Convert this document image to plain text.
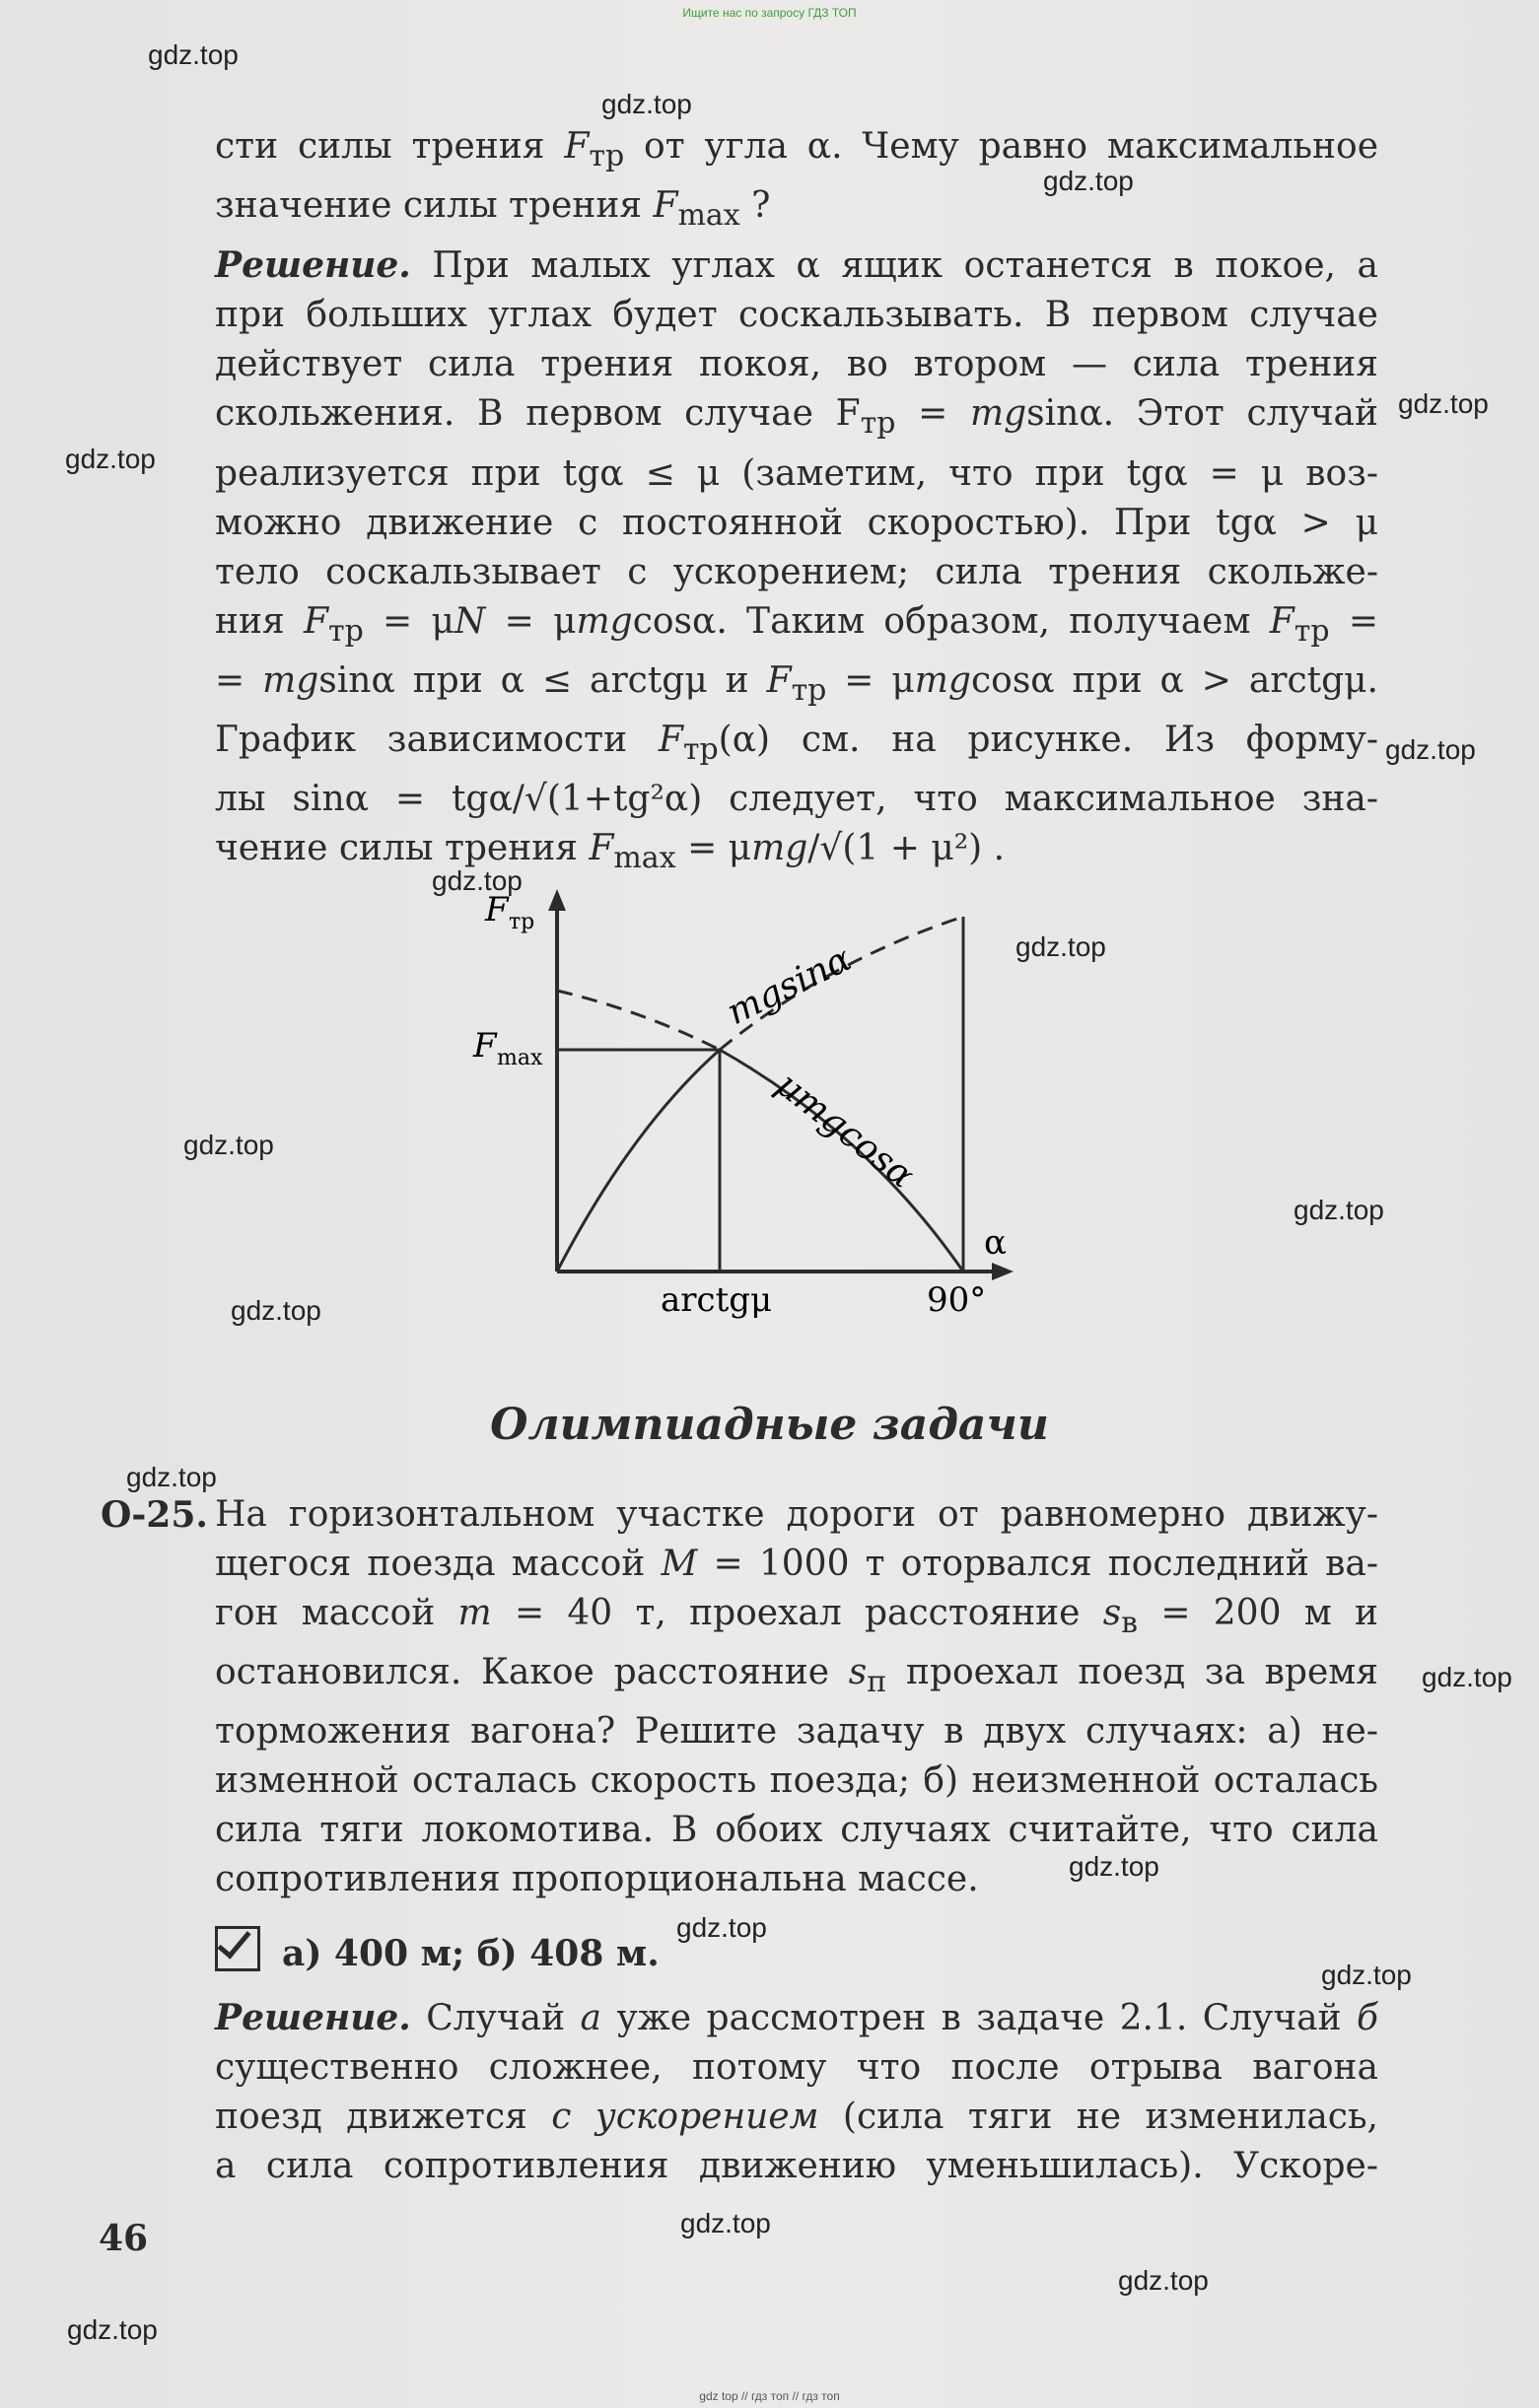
Ищите нас по запросу ГДЗ ТОП
gdz.top
gdz.top
gdz.top
gdz.top
gdz.top
gdz.top
gdz.top
gdz.top
gdz.top
gdz.top
gdz.top
gdz.top
gdz.top
gdz.top
gdz.top
gdz.top
gdz.top
gdz.top
gdz.top
сти силы трения $F_{тр}$ от угла α. Чему равно максимальное
значение силы трения $F_{max}$ ?
Решение. При малых углах α ящик останется в покое, а
при больших углах будет соскальзывать. В первом случае
действует сила трения покоя, во втором — сила трения
скольжения. В первом случае $F_{тр} = mgsin\alpha$. Этот случай
реализуется при tgα ≤ μ (заметим, что при tgα = μ воз-
можно движение с постоянной скоростью). При tgα > μ
тело соскальзывает с ускорением; сила трения скольже-
ния $F_{тр} = \mu N = \mu mgcos\alpha$. Таким образом, получаем $F_{тр}$ =
= mgsinα при α ≤ arctgμ и $F_{тр} = \mu mgcos\alpha$ при α > arctgμ.
График зависимости $F_{тр}(\alpha)$ см. на рисунке. Из форму-
лы sinα = tgα/√(1+tg²α) следует, что максимальное зна-
чение силы трения $F_{max} = \mu mg/√(1 + \mu^2)$ .
F тр
F max
α
arctgμ	90°
mgsinα
μmgcosα
Олимпиадные задачи
О-25. На горизонтальном участке дороги от равномерно движу-
щегося поезда массой M = 1000 т оторвался последний ва-
гон массой m = 40 т, проехал расстояние $s_в = 200$ м и
остановился. Какое расстояние $s_п$ проехал поезд за время
торможения вагона? Решите задачу в двух случаях: а) не-
изменной осталась скорость поезда; б) неизменной осталась
сила тяги локомотива. В обоих случаях считайте, что сила
сопротивления пропорциональна массе.
а) 400 м; б) 408 м.
Решение. Случай а уже рассмотрен в задаче 2.1. Случай б
существенно сложнее, потому что после отрыва вагона
поезд движется с ускорением (сила тяги не изменилась,
а сила сопротивления движению уменьшилась). Ускоре-
46
gdz top // гдз топ // гдз топ
